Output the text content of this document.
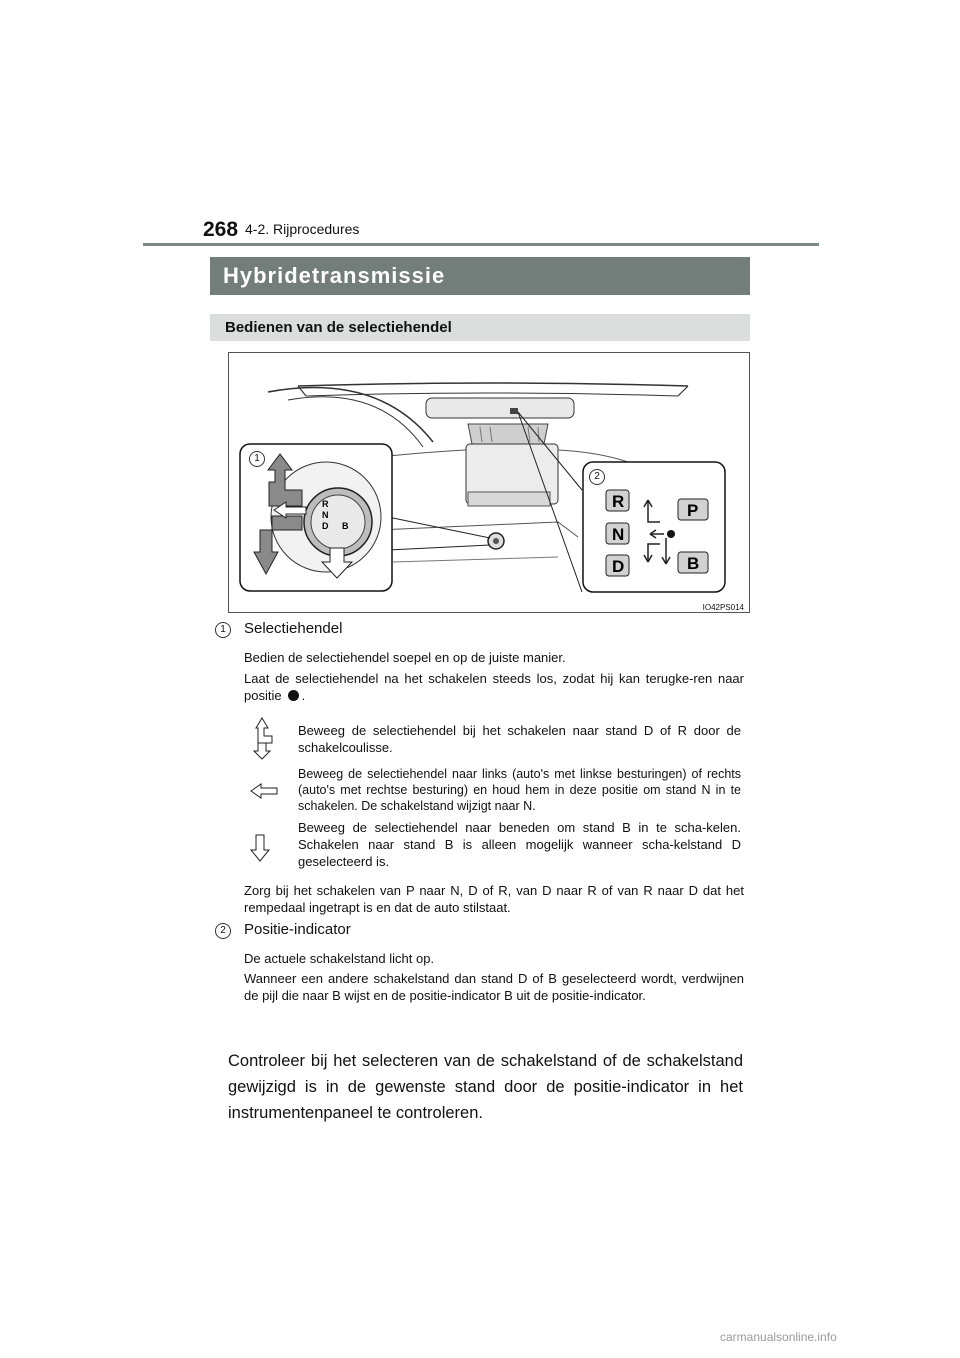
268 4-2. Rijprocedures
Hybridetransmissie
Bedienen van de selectiehendel
R
N
D B
R
N
D
P
B
1
2
IO42PS014
1	Selectiehendel
Bedien de selectiehendel soepel en op de juiste manier.
Laat de selectiehendel na het schakelen steeds los, zodat hij kan terugke-ren naar positie .
Beweeg de selectiehendel bij het schakelen naar stand D of R door de schakelcoulisse.
Beweeg de selectiehendel naar links (auto's met linkse besturingen) of rechts (auto's met rechtse besturing) en houd hem in deze positie om stand N in te schakelen. De schakelstand wijzigt naar N.
Beweeg de selectiehendel naar beneden om stand B in te scha-kelen. Schakelen naar stand B is alleen mogelijk wanneer scha-kelstand D geselecteerd is.
Zorg bij het schakelen van P naar N, D of R, van D naar R of van R naar D dat het rempedaal ingetrapt is en dat de auto stilstaat.
2	Positie-indicator
De actuele schakelstand licht op.
Wanneer een andere schakelstand dan stand D of B geselecteerd wordt, verdwijnen de pijl die naar B wijst en de positie-indicator B uit de positie-indicator.
Controleer bij het selecteren van de schakelstand of de schakelstand gewijzigd is in de gewenste stand door de positie-indicator in het instrumentenpaneel te controleren.
carmanualsonline.info
